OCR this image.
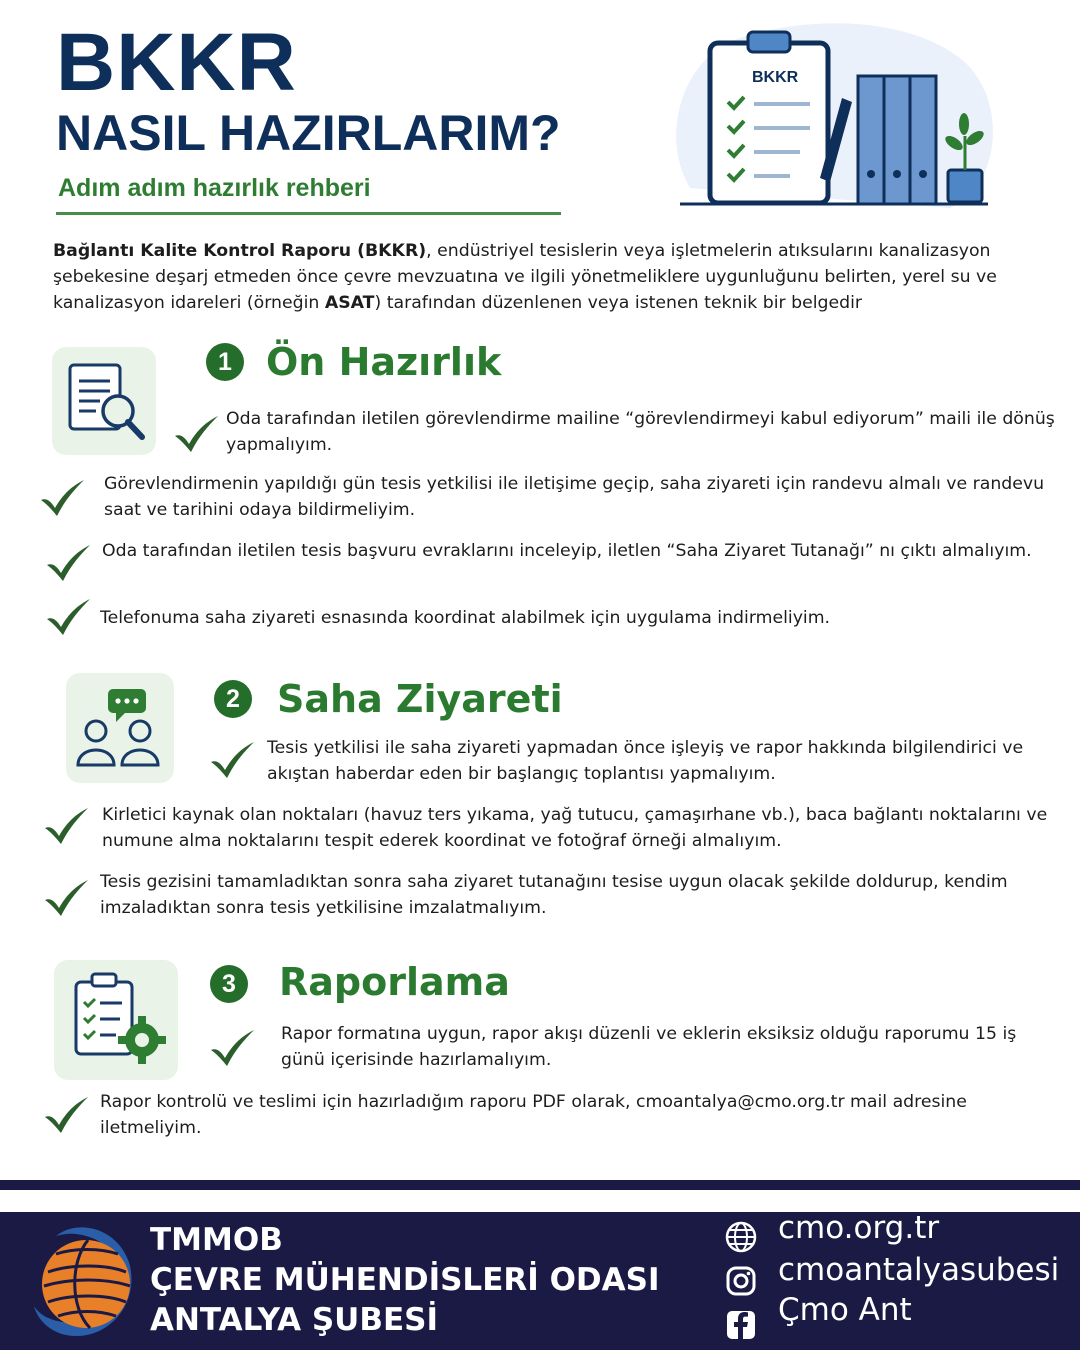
BKKR
NASIL HAZIRLARIM?
Adım adım hazırlık rehberi
BKKR
Bağlantı Kalite Kontrol Raporu (BKKR), endüstriyel tesislerin veya işletmelerin atıksularını kanalizasyon şebekesine deşarj etmeden önce çevre mevzuatına ve ilgili yönetmeliklere uygunluğunu belirten, yerel su ve kanalizasyon idareleri (örneğin ASAT) tarafından düzenlenen veya istenen teknik bir belgedir
1 Ön Hazırlık
Oda tarafından iletilen görevlendirme mailine “görevlendirmeyi kabul ediyorum” maili ile dönüş yapmalıyım.
Görevlendirmenin yapıldığı gün tesis yetkilisi ile iletişime geçip, saha ziyareti için randevu almalı ve randevu saat ve tarihini odaya bildirmeliyim.
Oda tarafından iletilen tesis başvuru evraklarını inceleyip, iletlen “Saha Ziyaret Tutanağı” nı çıktı almalıyım.
Telefonuma saha ziyareti esnasında koordinat alabilmek için uygulama indirmeliyim.
2 Saha Ziyareti
Tesis yetkilisi ile saha ziyareti yapmadan önce işleyiş ve rapor hakkında bilgilendirici ve akıştan haberdar eden bir başlangıç toplantısı yapmalıyım.
Kirletici kaynak olan noktaları (havuz ters yıkama, yağ tutucu, çamaşırhane vb.), baca bağlantı noktalarını ve numune alma noktalarını tespit ederek koordinat ve fotoğraf örneği almalıyım.
Tesis gezisini tamamladıktan sonra saha ziyaret tutanağını tesise uygun olacak şekilde doldurup, kendim imzaladıktan sonra tesis yetkilisine imzalatmalıyım.
3	Raporlama
Rapor formatına uygun, rapor akışı düzenli ve eklerin eksiksiz olduğu raporumu 15 iş günü içerisinde hazırlamalıyım.
Rapor kontrolü ve teslimi için hazırladığım raporu PDF olarak, cmoantalya@cmo.org.tr mail adresine iletmeliyim.
TMMOB
ÇEVRE MÜHENDİSLERİ ODASI
ANTALYA ŞUBESİ
cmo.org.tr
cmoantalyasubesi
Çmo Ant
